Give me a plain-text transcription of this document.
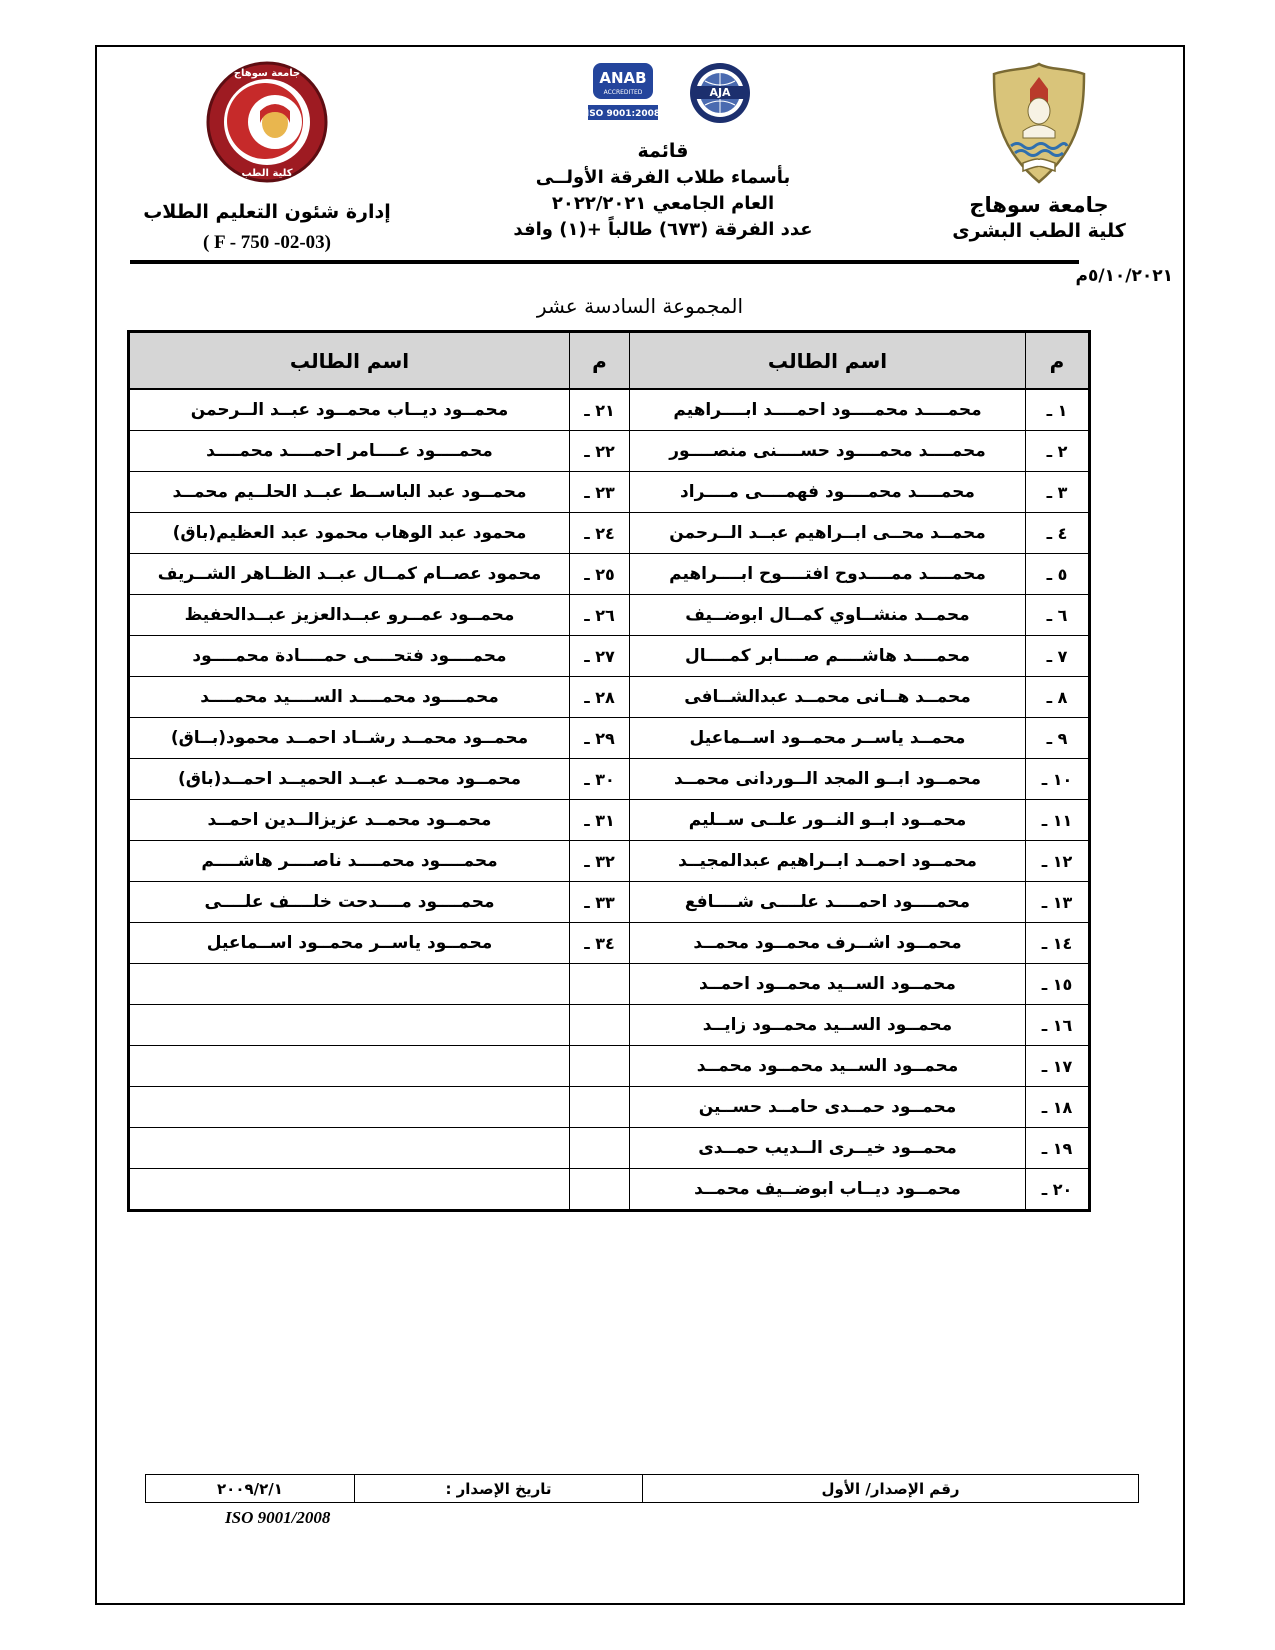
جامعة سوهاج
كلية الطب البشرى
ANAB
ACCREDITED
ISO 9001:2008
AJA
قائمة
بأسماء طلاب الفرقة الأولــى
العام الجامعي ٢٠٢٢/٢٠٢١
عدد الفرقة (٦٧٣) طالباً +(١) وافد
جامعة سوهاج
كلية الطب
إدارة شئون التعليم الطلاب
( F - 750 -02-03)
٥/١٠/٢٠٢١م
المجموعة السادسة عشر
م	اسم الطالب	م	اسم الطالب
١ ـ	محمــــد محمــــود احمــــد ابــــراهيم	٢١ ـ	محمــود ديــاب محمــود عبــد الــرحمن
٢ ـ	محمــــد محمــــود حســــنى منصــــور	٢٢ ـ	محمــــود عــــامر احمــــد محمــــد
٣ ـ	محمــــد محمــــود فهمــــى مــــراد	٢٣ ـ	محمــود عبد الباســط عبــد الحلــيم محمــد
٤ ـ	محمــد محــى ابــراهيم عبــد الــرحمن	٢٤ ـ	محمود عبد الوهاب محمود عبد العظيم(باق)
٥ ـ	محمــــد ممــــدوح افتــــوح ابــــراهيم	٢٥ ـ	محمود عصــام كمــال عبــد الظــاهر الشــريف
٦ ـ	محمــد منشــاوي كمــال ابوضــيف	٢٦ ـ	محمــود عمــرو عبــدالعزيز عبــدالحفيظ
٧ ـ	محمــــد هاشــــم صــــابر كمــــال	٢٧ ـ	محمــــود فتحــــى حمــــادة محمــــود
٨ ـ	محمــد هــانى محمــد عبدالشــافى	٢٨ ـ	محمــــود محمــــد الســــيد محمــــد
٩ ـ	محمــد ياســر محمــود اســماعيل	٢٩ ـ	محمــود محمــد رشــاد احمــد محمود(بــاق)
١٠ ـ	محمــود ابــو المجد الــوردانى محمــد	٣٠ ـ	محمــود محمــد عبــد الحميــد احمــد(باق)
١١ ـ	محمــود ابــو النــور علــى ســليم	٣١ ـ	محمــود محمــد عزيزالــدين احمــد
١٢ ـ	محمــود احمــد ابــراهيم عبدالمجيــد	٣٢ ـ	محمــــود محمــــد ناصــــر هاشــــم
١٣ ـ	محمــــود احمــــد علــــى شــــافع	٣٣ ـ	محمــــود مــــدحت خلــــف علــــى
١٤ ـ	محمــود اشــرف محمــود محمــد	٣٤ ـ	محمــود ياســر محمــود اســماعيل
١٥ ـ	محمــود الســيد محمــود احمــد		
١٦ ـ	محمــود الســيد محمــود زايــد		
١٧ ـ	محمــود الســيد محمــود محمــد		
١٨ ـ	محمــود حمــدى حامــد حســين		
١٩ ـ	محمــود خيــرى الــديب حمــدى		
٢٠ ـ	محمــود ديــاب ابوضــيف محمــد		
رقم الإصدار/ الأول
تاريخ الإصدار :
٢٠٠٩/٢/١
ISO 9001/2008
